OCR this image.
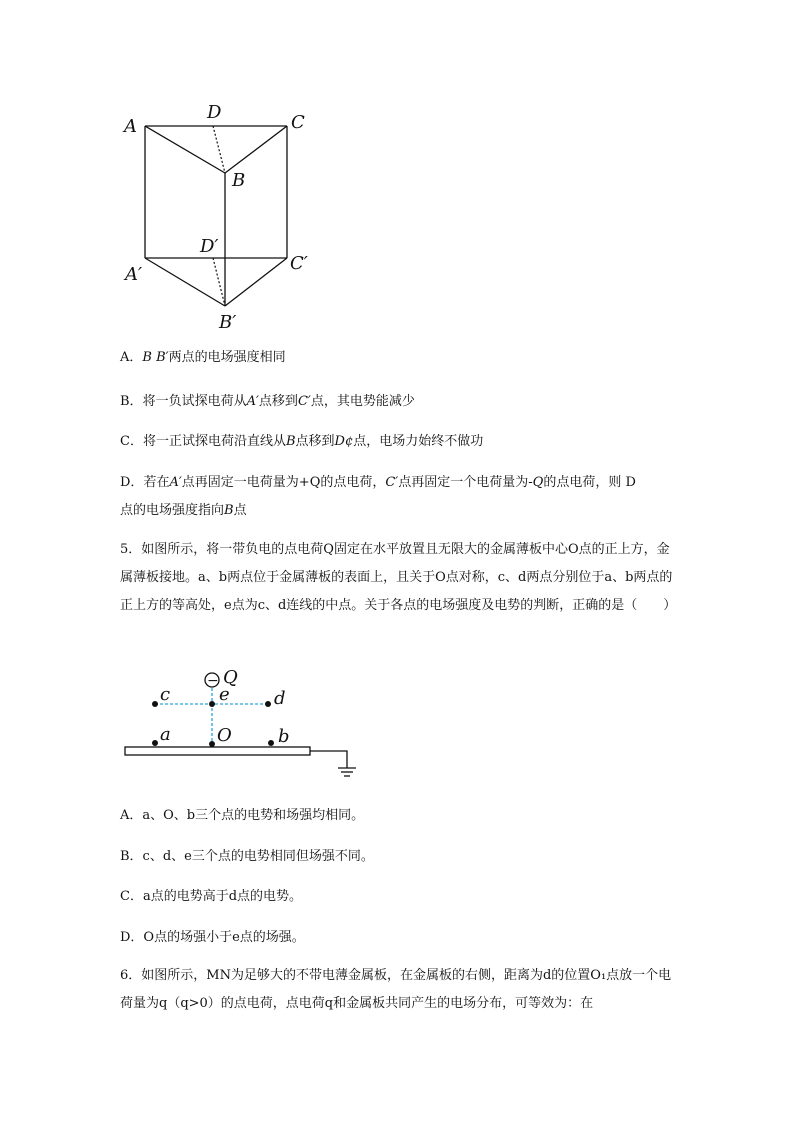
A
D	C
B
D′
A′
C′
B′
A．B B′两点的电场强度相同
B．将一负试探电荷从A′点移到C′点，其电势能减少
C．将一正试探电荷沿直线从B点移到D¢点，电场力始终不做功
D．若在A′点再固定一电荷量为+Q的点电荷，C′点再固定一个电荷量为-Q的点电荷，则 D
点的电场强度指向B点
5．如图所示，将一带负电的点电荷Q固定在水平放置且无限大的金属薄板中心O点的正上方，金属薄板接地。a、b两点位于金属薄板的表面上，且关于O点对称，c、d两点分别位于a、b两点的正上方的等高处，e点为c、d连线的中点。关于各点的电场强度及电势的判断，正确的是（　　）
− Q
c	e d
a	O	b
A．a、O、b三个点的电势和场强均相同。
B．c、d、e三个点的电势相同但场强不同。
C．a点的电势高于d点的电势。
D．O点的场强小于e点的场强。
6．如图所示，MN为足够大的不带电薄金属板，在金属板的右侧，距离为d的位置O₁点放一个电荷量为q（q>0）的点电荷，点电荷q和金属板共同产生的电场分布，可等效为：在
